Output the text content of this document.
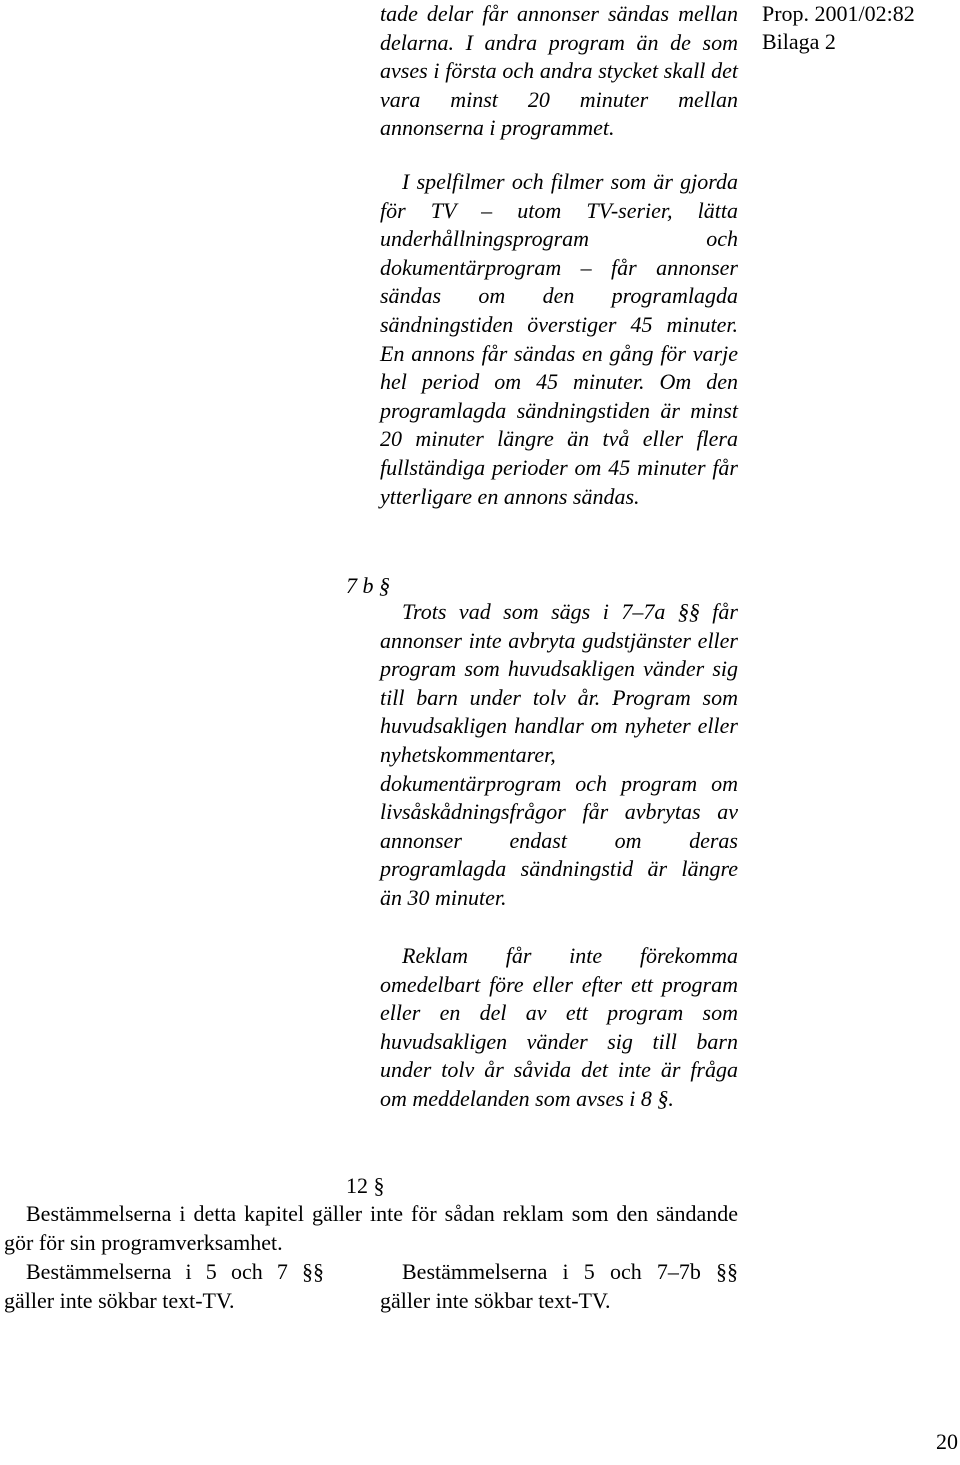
Prop. 2001/02:82
Bilaga 2

tade delar får annonser sändas mellan delarna. I andra program än de som avses i första och andra stycket skall det vara minst 20 minuter mellan annonserna i programmet.

I spelfilmer och filmer som är gjorda för TV – utom TV-serier, lätta underhållningsprogram och dokumentärprogram – får annonser sändas om den programlagda sändningstiden överstiger 45 minuter. En annons får sändas en gång för varje hel period om 45 minuter. Om den programlagda sändningstiden är minst 20 minuter längre än två eller flera fullständiga perioder om 45 minuter får ytterligare en annons sändas.

7 b §

Trots vad som sägs i 7–7a §§ får annonser inte avbryta gudstjänster eller program som huvudsakligen vänder sig till barn under tolv år. Program som huvudsakligen handlar om nyheter eller nyhetskommentarer, dokumentärprogram och program om livsåskådningsfrågor får avbrytas av annonser endast om deras programlagda sändningstid är längre än 30 minuter.

Reklam får inte förekomma omedelbart före eller efter ett program eller en del av ett program som huvudsakligen vänder sig till barn under tolv år såvida det inte är fråga om meddelanden som avses i 8 §.

12 §

Bestämmelserna i detta kapitel gäller inte för sådan reklam som den sändande gör för sin programverksamhet.

Bestämmelserna i 5 och 7 §§ gäller inte sökbar text-TV.

Bestämmelserna i 5 och 7–7b §§ gäller inte sökbar text-TV.

20
